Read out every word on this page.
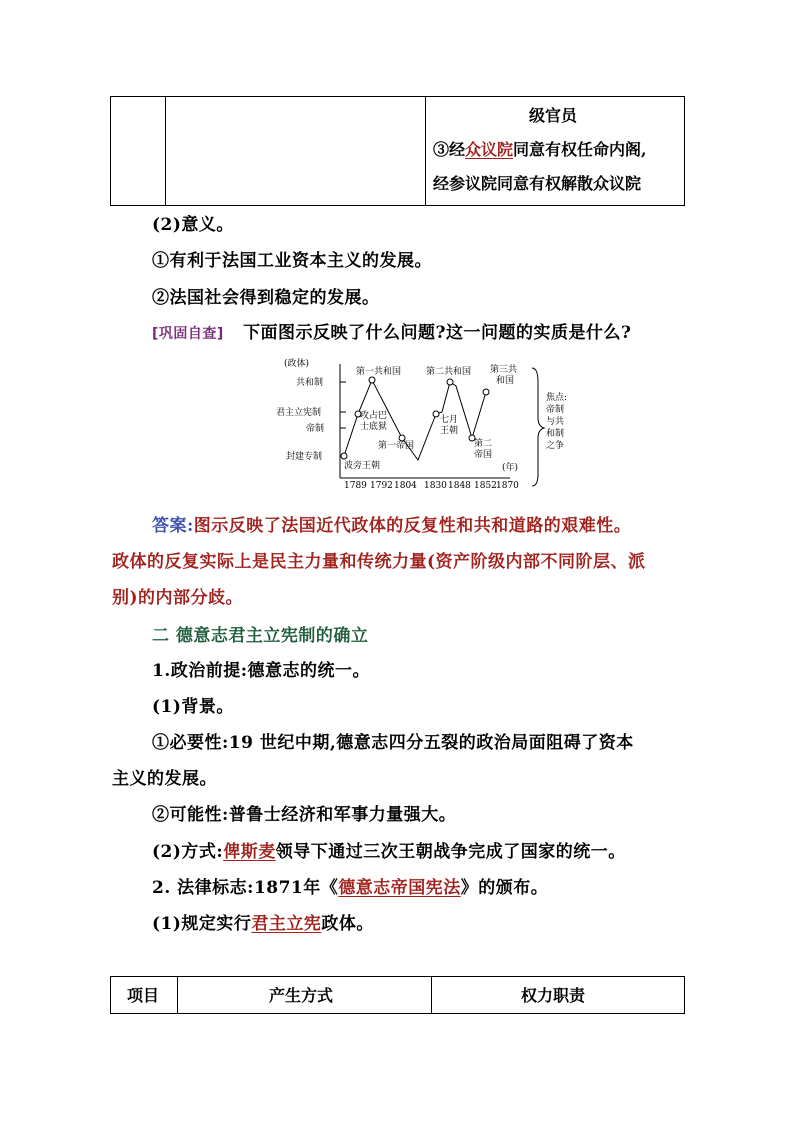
级官员
③经众议院同意有权任命内阁,
经参议院同意有权解散众议院
(2)意义。
①有利于法国工业资本主义的发展。
②法国社会得到稳定的发展。
[巩固自查] 下面图示反映了什么问题?这一问题的实质是什么?
(政体)
共和制
君主立宪制
帝制
封建专制
(年)
1789 1792 1804 1830 1848 1852 1870
第一共和国	第二共和国 第三共
和国
攻占巴
士底狱
第一帝国
七月
王朝
第二
帝国
波旁王朝
焦点:
帝制
与共
和制
之争
答案:图示反映了法国近代政体的反复性和共和道路的艰难性。
政体的反复实际上是民主力量和传统力量(资产阶级内部不同阶层、派
别)的内部分歧。
二 德意志君主立宪制的确立
1.政治前提:德意志的统一。
(1)背景。
①必要性:19 世纪中期,德意志四分五裂的政治局面阻碍了资本
主义的发展。
②可能性:普鲁士经济和军事力量强大。
(2)方式:俾斯麦领导下通过三次王朝战争完成了国家的统一。
2. 法律标志:1871年《德意志帝国宪法》的颁布。
(1)规定实行君主立宪政体。
项目	产生方式	权力职责
